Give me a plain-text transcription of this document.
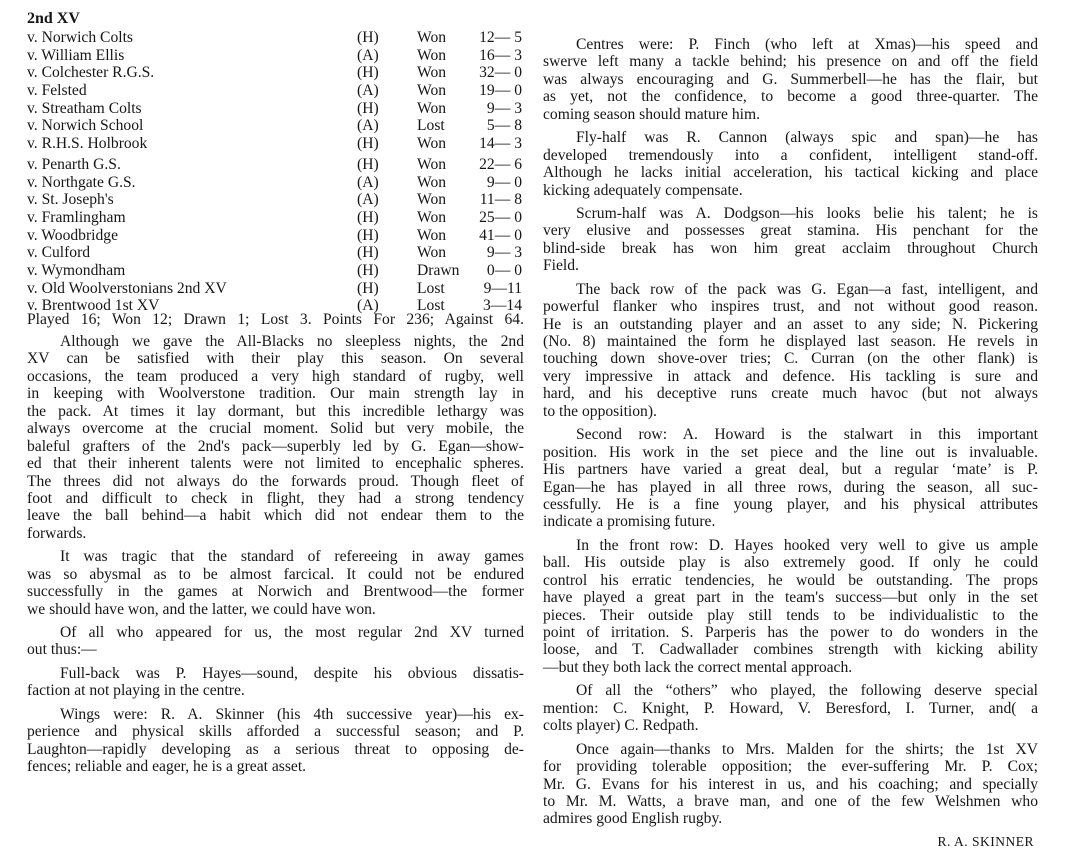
2nd XV
v. Norwich Colts	(H) Won 12— 5
v. William Ellis	(A) Won 16— 3
v. Colchester R.G.S.	(H) Won 32— 0
v. Felsted	(A) Won 19— 0
v. Streatham Colts	(H) Won	9— 3
v. Norwich School	(A) Lost	5— 8
v. R.H.S. Holbrook	(H) Won 14— 3
v. Penarth G.S.	(H) Won 22— 6
v. Northgate G.S.	(A) Won	9— 0
v. St. Joseph's	(A) Won 11— 8
v. Framlingham	(H) Won 25— 0
v. Woodbridge	(H) Won 41— 0
v. Culford	(H) Won	9— 3
v. Wymondham	(H) Drawn 0— 0
v. Old Woolverstonians 2nd XV	(H) Lost 9—11
v. Brentwood 1st XV	(A) Lost 3—14
Played 16; Won 12; Drawn 1; Lost 3. Points For 236; Against 64.

Although we gave the All-Blacks no sleepless nights, the 2nd
XV can be satisfied with their play this season. On several
occasions, the team produced a very high standard of rugby, well
in keeping with Woolverstone tradition. Our main strength lay in
the pack. At times it lay dormant, but this incredible lethargy was
always overcome at the crucial moment. Solid but very mobile, the
baleful grafters of the 2nd's pack—superbly led by G. Egan—show-
ed that their inherent talents were not limited to encephalic spheres.
The threes did not always do the forwards proud. Though fleet of
foot and difficult to check in flight, they had a strong tendency
leave the ball behind—a habit which did not endear them to the
forwards.

It was tragic that the standard of refereeing in away games
was so abysmal as to be almost farcical. It could not be endured
successfully in the games at Norwich and Brentwood—the former
we should have won, and the latter, we could have won.

Of all who appeared for us, the most regular 2nd XV turned
out thus:—

Full-back was P. Hayes—sound, despite his obvious dissatis-
faction at not playing in the centre.

Wings were: R. A. Skinner (his 4th successive year)—his ex-
perience and physical skills afforded a successful season; and P.
Laughton—rapidly developing as a serious threat to opposing de-
fences; reliable and eager, he is a great asset.

Centres were: P. Finch (who left at Xmas)—his speed and
swerve left many a tackle behind; his presence on and off the field
was always encouraging and G. Summerbell—he has the flair, but
as yet, not the confidence, to become a good three-quarter. The
coming season should mature him.

Fly-half was R. Cannon (always spic and span)—he has
developed tremendously into a confident, intelligent stand-off.
Although he lacks initial acceleration, his tactical kicking and place
kicking adequately compensate.

Scrum-half was A. Dodgson—his looks belie his talent; he is
very elusive and possesses great stamina. His penchant for the
blind-side break has won him great acclaim throughout Church
Field.

The back row of the pack was G. Egan—a fast, intelligent, and
powerful flanker who inspires trust, and not without good reason.
He is an outstanding player and an asset to any side; N. Pickering
(No. 8) maintained the form he displayed last season. He revels in
touching down shove-over tries; C. Curran (on the other flank) is
very impressive in attack and defence. His tackling is sure and
hard, and his deceptive runs create much havoc (but not always
to the opposition).

Second row: A. Howard is the stalwart in this important
position. His work in the set piece and the line out is invaluable.
His partners have varied a great deal, but a regular ‘mate’ is P.
Egan—he has played in all three rows, during the season, all suc-
cessfully. He is a fine young player, and his physical attributes
indicate a promising future.

In the front row: D. Hayes hooked very well to give us ample
ball. His outside play is also extremely good. If only he could
control his erratic tendencies, he would be outstanding. The props
have played a great part in the team's success—but only in the set
pieces. Their outside play still tends to be individualistic to the
point of irritation. S. Parperis has the power to do wonders in the
loose, and T. Cadwallader combines strength with kicking ability
—but they both lack the correct mental approach.

Of all the “others” who played, the following deserve special
mention: C. Knight, P. Howard, V. Beresford, I. Turner, and( a
colts player) C. Redpath.

Once again—thanks to Mrs. Malden for the shirts; the 1st XV
for providing tolerable opposition; the ever-suffering Mr. P. Cox;
Mr. G. Evans for his interest in us, and his coaching; and specially
to Mr. M. Watts, a brave man, and one of the few Welshmen who
admires good English rugby.

R. A. SKINNER
